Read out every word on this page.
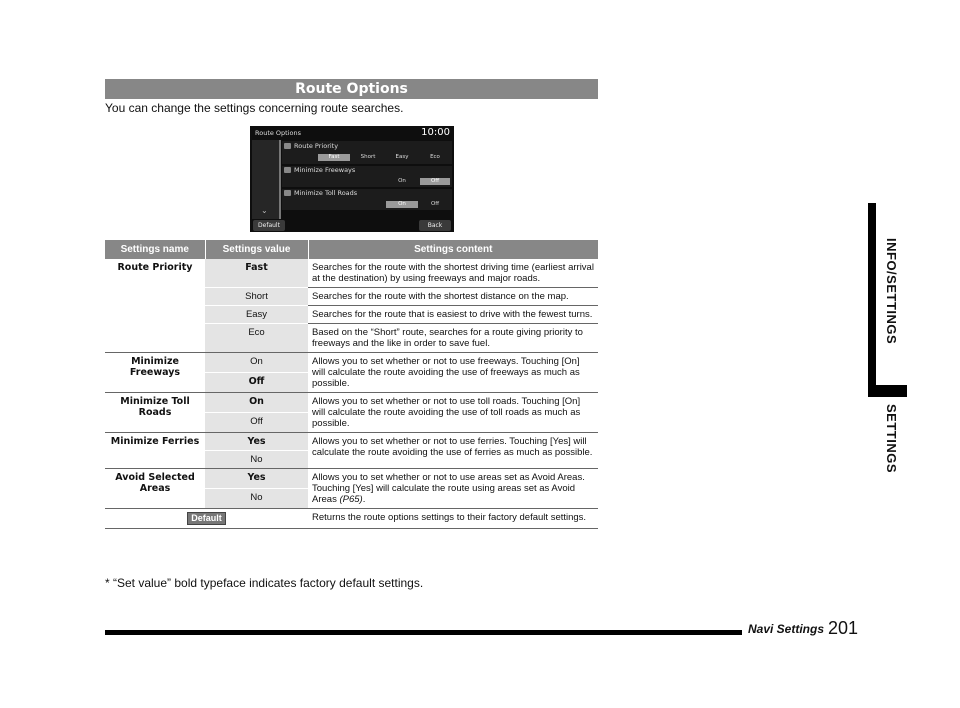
Route Options
You can change the settings concerning route searches.
Route Options	10:00
⌄
Route Priority
Fast	Short	Easy	Eco
Minimize Freeways
On	Off
Minimize Toll Roads
On	Off
Default	Back
Settings name	Settings value	Settings content
Route Priority	Fast	Searches for the route with the shortest driving time (earliest arrival at the destination) by using freeways and major roads.
	Short	Searches for the route with the shortest distance on the map.
	Easy	Searches for the route that is easiest to drive with the fewest turns.
	Eco	Based on the “Short” route, searches for a route giving priority to freeways and the like in order to save fuel.
Minimize Freeways	On	Allows you to set whether or not to use freeways. Touching [On] will calculate the route avoiding the use of freeways as much as possible.
	Off	
Minimize Toll Roads	On	Allows you to set whether or not to use toll roads. Touching [On] will calculate the route avoiding the use of toll roads as much as possible.
	Off	
Minimize Ferries	Yes	Allows you to set whether or not to use ferries. Touching [Yes] will calculate the route avoiding the use of ferries as much as possible.
	No	
Avoid Selected Areas	Yes	Allows you to set whether or not to use areas set as Avoid Areas.
Touching [Yes] will calculate the route using areas set as Avoid Areas (P65).

	No	
Default		Returns the route options settings to their factory default settings.
* “Set value” bold typeface indicates factory default settings.
Navi Settings 201
INFO/SETTINGS
SETTINGS
